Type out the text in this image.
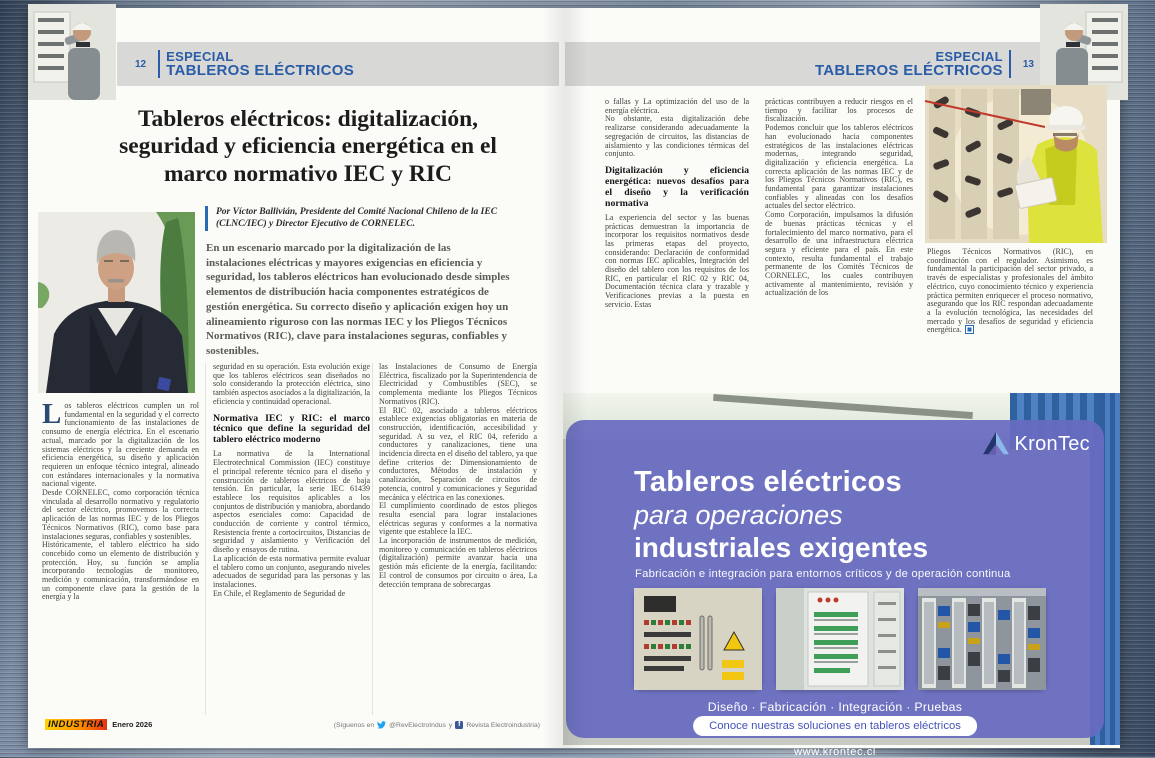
12
ESPECIAL
TABLEROS ELÉCTRICOS
Tableros eléctricos: digitalización,
seguridad y eficiencia energética en el
marco normativo IEC y RIC
Por Víctor Ballivián, Presidente del Comité Nacional Chileno de la IEC (CLNC/IEC) y Director Ejecutivo de CORNELEC.
En un escenario marcado por la digitalización de las instalaciones eléctricas y mayores exigencias en eficiencia y seguridad, los tableros eléctricos han evolucionado desde simples elementos de distribución hacia componentes estratégicos de gestión energética. Su correcto diseño y aplicación exigen hoy un alineamiento riguroso con las normas IEC y los Pliegos Técnicos Normativos (RIC), clave para instalaciones seguras, confiables y sostenibles.

Los tableros eléctricos cumplen un rol fundamental en la seguridad y el correcto funcionamiento de las instalaciones de consumo de energía eléctrica. En el escenario actual, marcado por la digitalización de los sistemas eléctricos y la creciente demanda en eficiencia energética, su diseño y aplicación requieren un enfoque técnico integral, alineado con estándares internacionales y la normativa nacional vigente.

Desde CORNELEC, como corporación técnica vinculada al desarrollo normativo y regulatorio del sector eléctrico, promovemos la correcta aplicación de las normas IEC y de los Pliegos Técnicos Normativos (RIC), como base para instalaciones seguras, confiables y sostenibles.

Históricamente, el tablero eléctrico ha sido concebido como un elemento de distribución y protección. Hoy, su función se amplía incorporando tecnologías de monitoreo, medición y comunicación, transformándose en un componente clave para la gestión de la energía y la

seguridad en su operación. Esta evolución exige que los tableros eléctricos sean diseñados no solo considerando la protección eléctrica, sino también aspectos asociados a la digitalización, la eficiencia y continuidad operacional.

Normativa IEC y RIC: el marco técnico que define la seguridad del tablero eléctrico moderno

La normativa de la International Electrotechnical Commission (IEC) constituye el principal referente técnico para el diseño y construcción de tableros eléctricos de baja tensión. En particular, la serie IEC 61439 establece los requisitos aplicables a los conjuntos de distribución y maniobra, abordando aspectos esenciales como: Capacidad de conducción de corriente y control térmico, Resistencia frente a cortocircuitos, Distancias de seguridad y aislamiento y Verificación del diseño y ensayos de rutina.

La aplicación de esta normativa permite evaluar el tablero como un conjunto, asegurando niveles adecuados de seguridad para las personas y las instalaciones.

En Chile, el Reglamento de Seguridad de

las Instalaciones de Consumo de Energía Eléctrica, fiscalizado por la Superintendencia de Electricidad y Combustibles (SEC), se complementa mediante los Pliegos Técnicos Normativos (RIC).

El RIC 02, asociado a tableros eléctricos establece exigencias obligatorias en materia de construcción, identificación, accesibilidad y seguridad. A su vez, el RIC 04, referido a conductores y canalizaciones, tiene una incidencia directa en el diseño del tablero, ya que define criterios de: Dimensionamiento de conductores, Métodos de instalación y canalización, Separación de circuitos de potencia, control y comunicaciones y Seguridad mecánica y eléctrica en las conexiones.

El cumplimiento coordinado de estos pliegos resulta esencial para lograr instalaciones eléctricas seguras y conformes a la normativa vigente que establece la IEC.

La incorporación de instrumentos de medición, monitoreo y comunicación en tableros eléctricos (digitalización) permite avanzar hacia una gestión más eficiente de la energía, facilitando: El control de consumos por circuito o área, La detección temprana de sobrecargas

INDUSTRIA	Enero 2026	(Síguenos en @RevElectroIndus y f Revista Electroindustria)
ESPECIAL
TABLEROS ELÉCTRICOS 13

o fallas y La optimización del uso de la energía eléctrica.

No obstante, esta digitalización debe realizarse considerando adecuadamente la segregación de circuitos, las distancias de aislamiento y las condiciones térmicas del conjunto.

Digitalización y eficiencia energética: nuevos desafíos para el diseño y la verificación normativa

La experiencia del sector y las buenas prácticas demuestran la importancia de incorporar los requisitos normativos desde las primeras etapas del proyecto, considerando: Declaración de conformidad con normas IEC aplicables, Integración del diseño del tablero con los requisitos de los RIC, en particular el RIC 02 y RIC 04, Documentación técnica clara y trazable y Verificaciones previas a la puesta en servicio. Estas

prácticas contribuyen a reducir riesgos en el tiempo y facilitar los procesos de fiscalización.

Podemos concluir que los tableros eléctricos han evolucionado hacia componentes estratégicos de las instalaciones eléctricas modernas, integrando seguridad, digitalización y eficiencia energética. La correcta aplicación de las normas IEC y de los Pliegos Técnicos Normativos (RIC), es fundamental para garantizar instalaciones confiables y alineadas con los desafíos actuales del sector eléctrico.

Como Corporación, impulsamos la difusión de buenas prácticas técnicas y el fortalecimiento del marco normativo, para el desarrollo de una infraestructura eléctrica segura y eficiente para el país. En este contexto, resulta fundamental el trabajo permanente de los Comités Técnicos de CORNELEC, los cuales contribuyen activamente al mantenimiento, revisión y actualización de los

Pliegos Técnicos Normativos (RIC), en coordinación con el regulador. Asimismo, es fundamental la participación del sector privado, a través de especialistas y profesionales del ámbito eléctrico, cuyo conocimiento técnico y experiencia práctica permiten enriquecer el proceso normativo, asegurando que los RIC respondan adecuadamente a la evolución tecnológica, las necesidades del mercado y los desafíos de seguridad y eficiencia energética.

KronTec
Tableros eléctricos
para operaciones
industriales exigentes
Fabricación e integración para entornos críticos y de operación continua
Diseño · Fabricación · Integración · Pruebas
Conoce nuestras soluciones en tableros eléctricos
www.krontec.cl
